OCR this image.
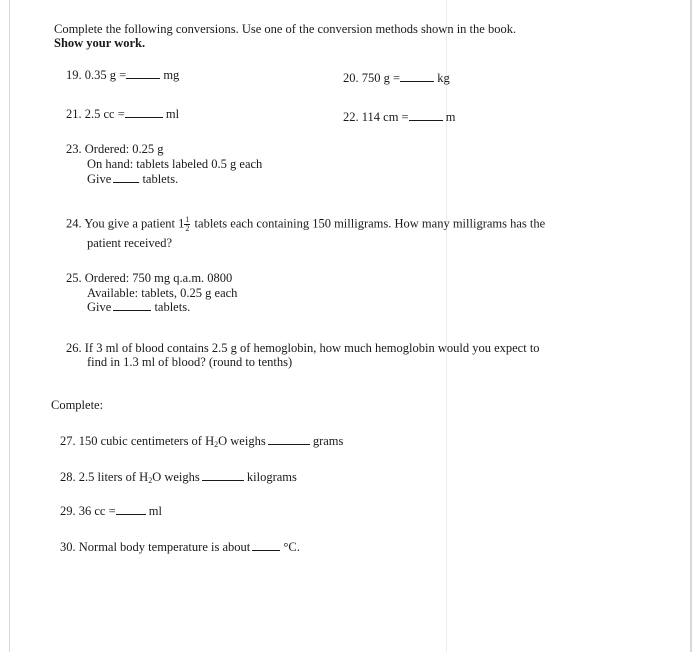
Complete the following conversions. Use one of the conversion methods shown in the book.
Show your work.
19. 0.35 g =	mg	20. 750 g =	kg
21. 2.5 cc =	ml	22. 114 cm =	m
23. Ordered: 0.25 g
On hand: tablets labeled 0.5 g each
Give tablets.
24. You give a patient $1 \frac{1}{2}$ tablets each containing 150 milligrams. How many milligrams has the
patient received?
25. Ordered: 750 mg q.a.m. 0800
Available: tablets, 0.25 g each
Give	tablets.
26. If 3 ml of blood contains 2.5 g of hemoglobin, how much hemoglobin would you expect to
find in 1.3 ml of blood? (round to tenths)
Complete:
27. 150 cubic centimeters of $H_2O$ weighs	grams
28. 2.5 liters of $H_2O$ weighs	kilograms
29. 36 cc =	ml
30. Normal body temperature is about	°C.
